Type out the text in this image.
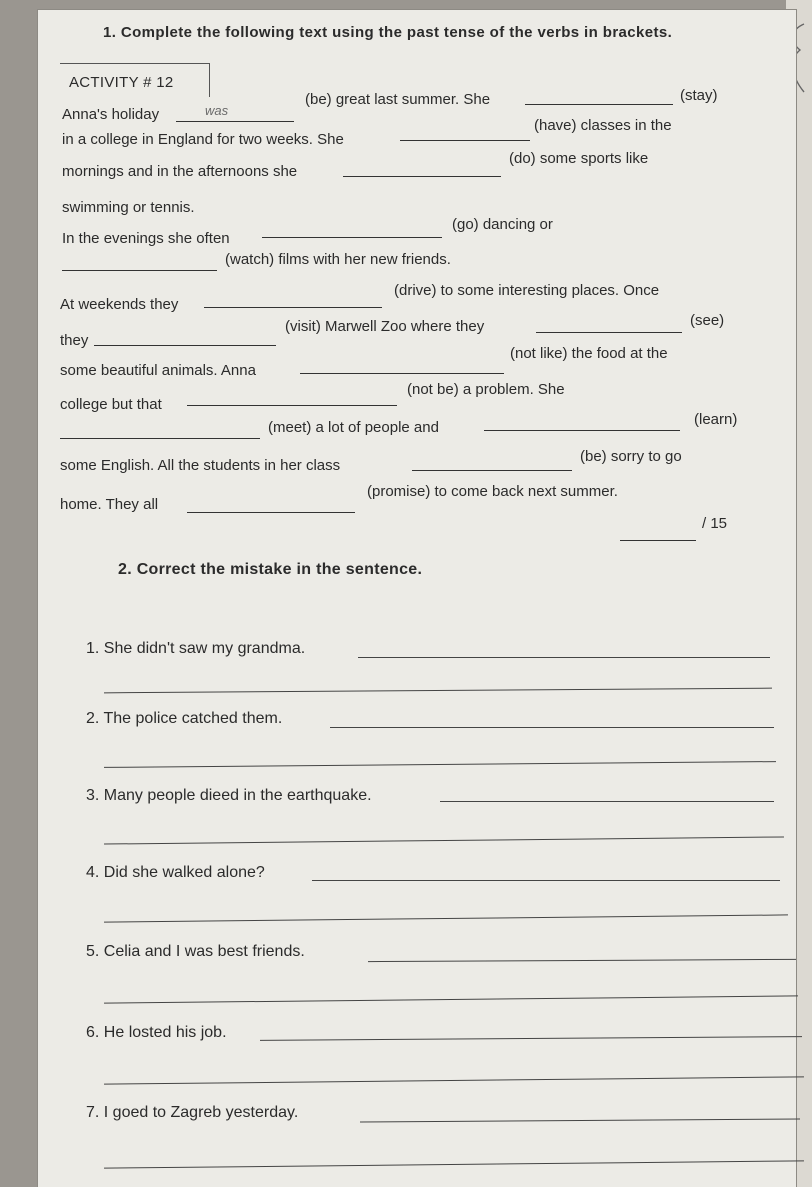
1. Complete the following text using the past tense of the verbs in brackets.
ACTIVITY # 12
Anna's holiday	was
(be) great last summer. She	(stay)
in a college in England for two weeks. She
(have) classes in the
mornings and in the afternoons she
(do) some sports like
swimming or tennis.
In the evenings she often
(go) dancing or
(watch) films with her new friends.
At weekends they
(drive) to some interesting places. Once
they
(visit) Marwell Zoo where they	(see)
some beautiful animals. Anna
(not like) the food at the
college but that
(not be) a problem. She
(meet) a lot of people and	(learn)
some English. All the students in her class
(be) sorry to go
home. They all
(promise) to come back next summer.
/ 15
2. Correct the mistake in the sentence.
1. She didn't saw my grandma.
2. The police catched them.
3. Many people dieed in the earthquake.
4. Did she walked alone?
5. Celia and I was best friends.
6. He losted his job.
7. I goed to Zagreb yesterday.
